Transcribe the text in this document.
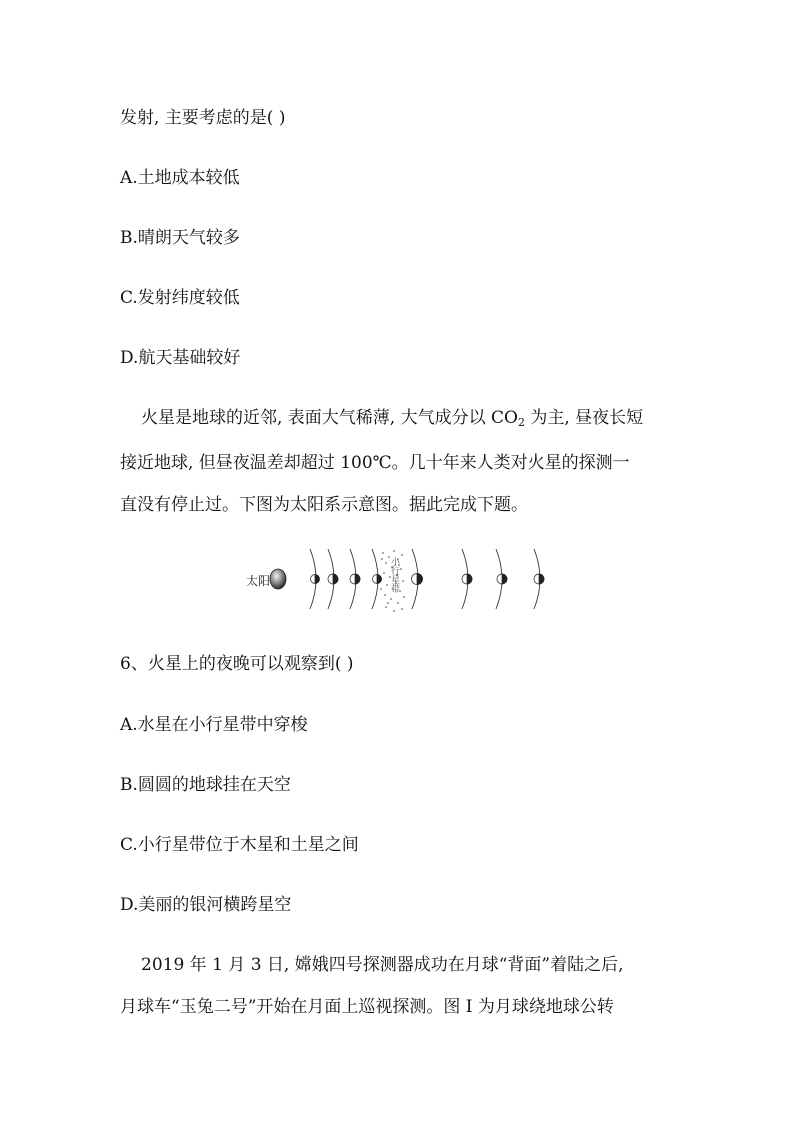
发射, 主要考虑的是( )
A.土地成本较低
B.晴朗天气较多
C.发射纬度较低
D.航天基础较好
火星是地球的近邻, 表面大气稀薄, 大气成分以 $CO_2$ 为主, 昼夜长短
接近地球, 但昼夜温差却超过 100℃。几十年来人类对火星的探测一
直没有停止过。下图为太阳系示意图。据此完成下题。
太阳	小行星带
6、火星上的夜晚可以观察到( )
A.水星在小行星带中穿梭
B.圆圆的地球挂在天空
C.小行星带位于木星和土星之间
D.美丽的银河横跨星空
2019 年 1 月 3 日, 嫦娥四号探测器成功在月球“背面”着陆之后,
月球车“玉兔二号”开始在月面上巡视探测。图 I 为月球绕地球公转
